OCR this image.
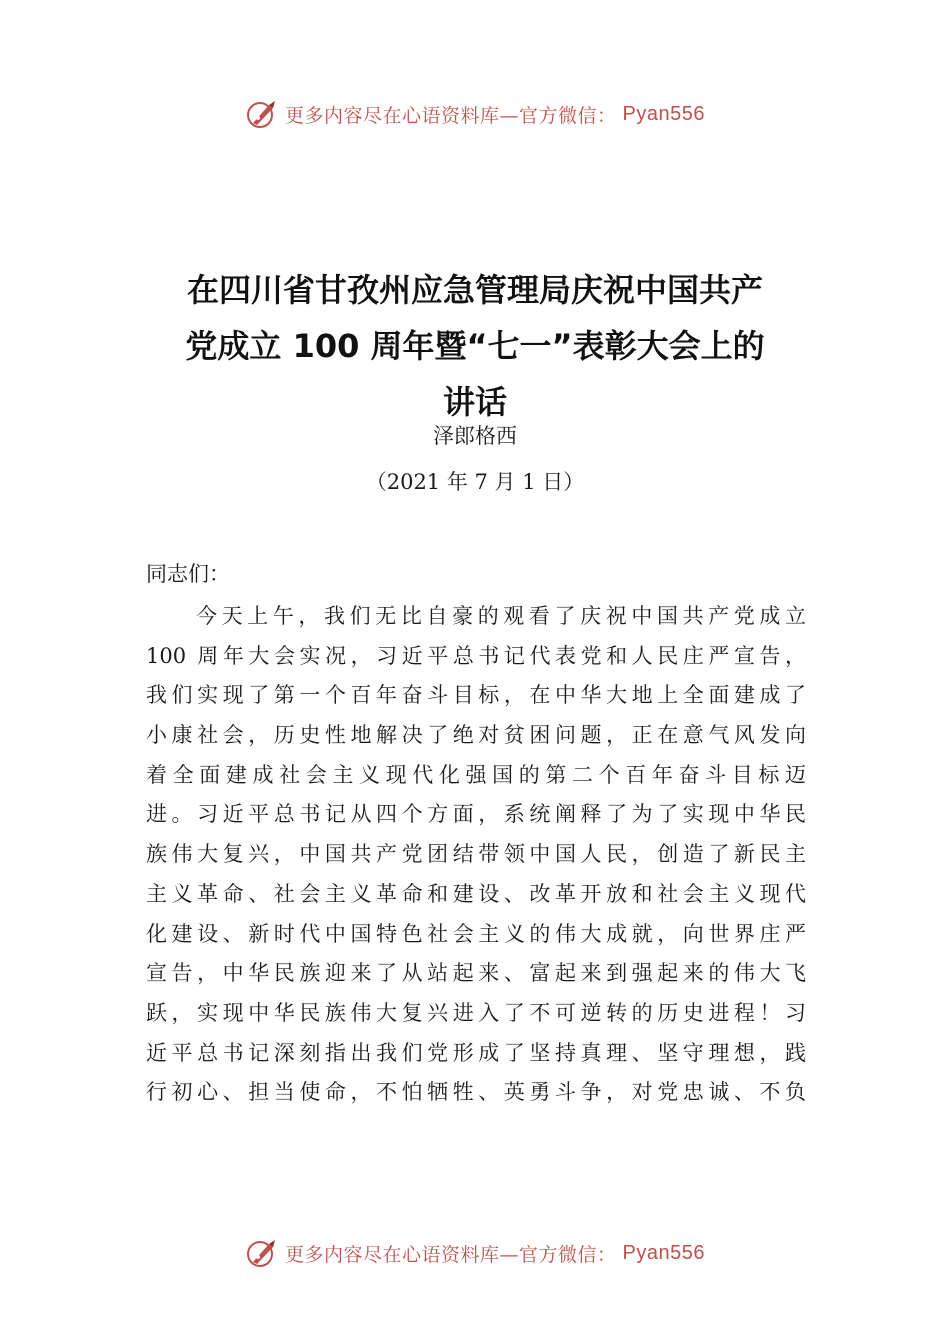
更多内容尽在心语资料库—官方微信： Pyan556
在四川省甘孜州应急管理局庆祝中国共产
党成立 100 周年暨“七一”表彰大会上的
讲话
泽郎格西
（2021 年 7 月 1 日）
同志们：
今天上午，我们无比自豪的观看了庆祝中国共产党成立
100 周年大会实况，习近平总书记代表党和人民庄严宣告，
我们实现了第一个百年奋斗目标，在中华大地上全面建成了
小康社会，历史性地解决了绝对贫困问题，正在意气风发向
着全面建成社会主义现代化强国的第二个百年奋斗目标迈
进。习近平总书记从四个方面，系统阐释了为了实现中华民
族伟大复兴，中国共产党团结带领中国人民，创造了新民主
主义革命、社会主义革命和建设、改革开放和社会主义现代
化建设、新时代中国特色社会主义的伟大成就，向世界庄严
宣告，中华民族迎来了从站起来、富起来到强起来的伟大飞
跃，实现中华民族伟大复兴进入了不可逆转的历史进程！习
近平总书记深刻指出我们党形成了坚持真理、坚守理想，践
行初心、担当使命，不怕牺牲、英勇斗争，对党忠诚、不负
更多内容尽在心语资料库—官方微信： Pyan556
